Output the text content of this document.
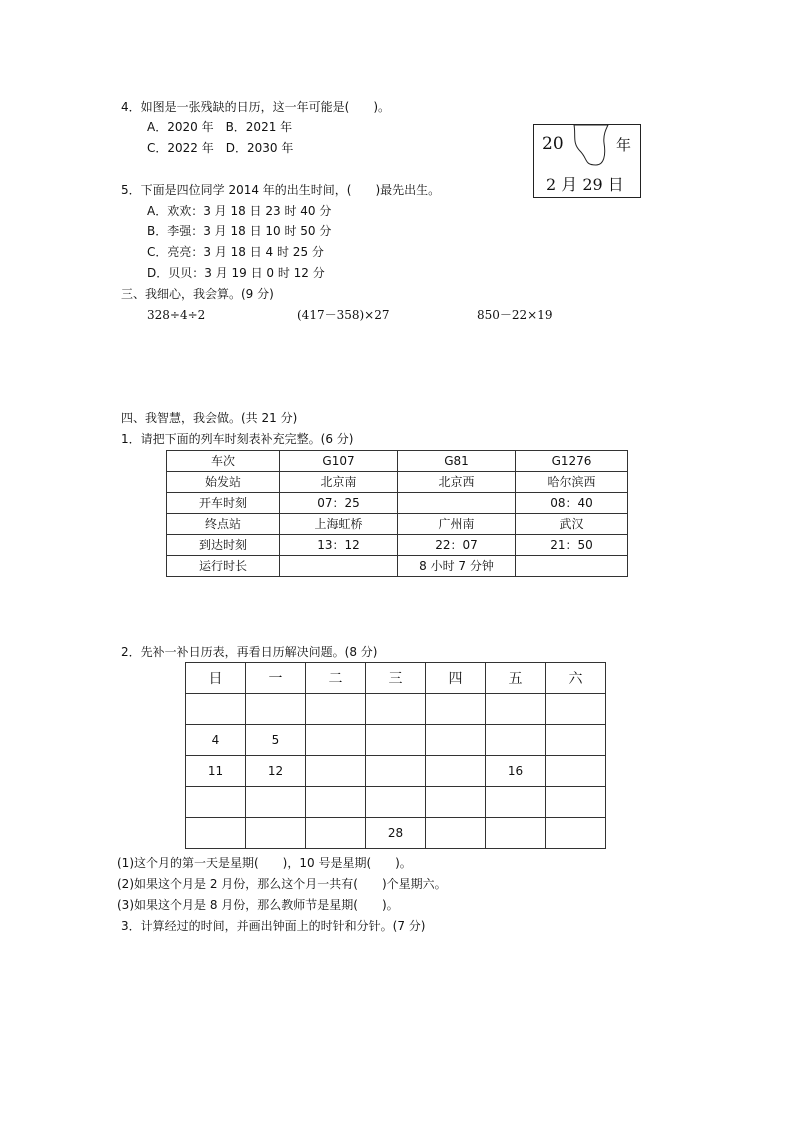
4．如图是一张残缺的日历，这一年可能是(　　)。
A．2020 年　B．2021 年
C．2022 年　D．2030 年	20	年
2 月 29 日
5．下面是四位同学 2014 年的出生时间，(　　)最先出生。
A．欢欢：3 月 18 日 23 时 40 分
B．李强：3 月 18 日 10 时 50 分
C．亮亮：3 月 18 日 4 时 25 分
D．贝贝：3 月 19 日 0 时 12 分
三、我细心，我会算。(9 分)
328÷4÷2	(417－358)×27	850－22×19
四、我智慧，我会做。(共 21 分)
1．请把下面的列车时刻表补充完整。(6 分)
车次	G107	G81	G1276
始发站	北京南	北京西	哈尔滨西
开车时刻	07：25		08：40
终点站	上海虹桥	广州南	武汉
到达时刻	13：12	22：07	21：50
运行时长		8 小时 7 分钟	
2．先补一补日历表，再看日历解决问题。(8 分)
日	一	二	三	四	五	六

4	5					
11	12				16	

			28			
(1)这个月的第一天是星期(　　)，10 号是星期(　　)。
(2)如果这个月是 2 月份，那么这个月一共有(　　)个星期六。
(3)如果这个月是 8 月份，那么教师节是星期(　　)。
3．计算经过的时间，并画出钟面上的时针和分针。(7 分)
